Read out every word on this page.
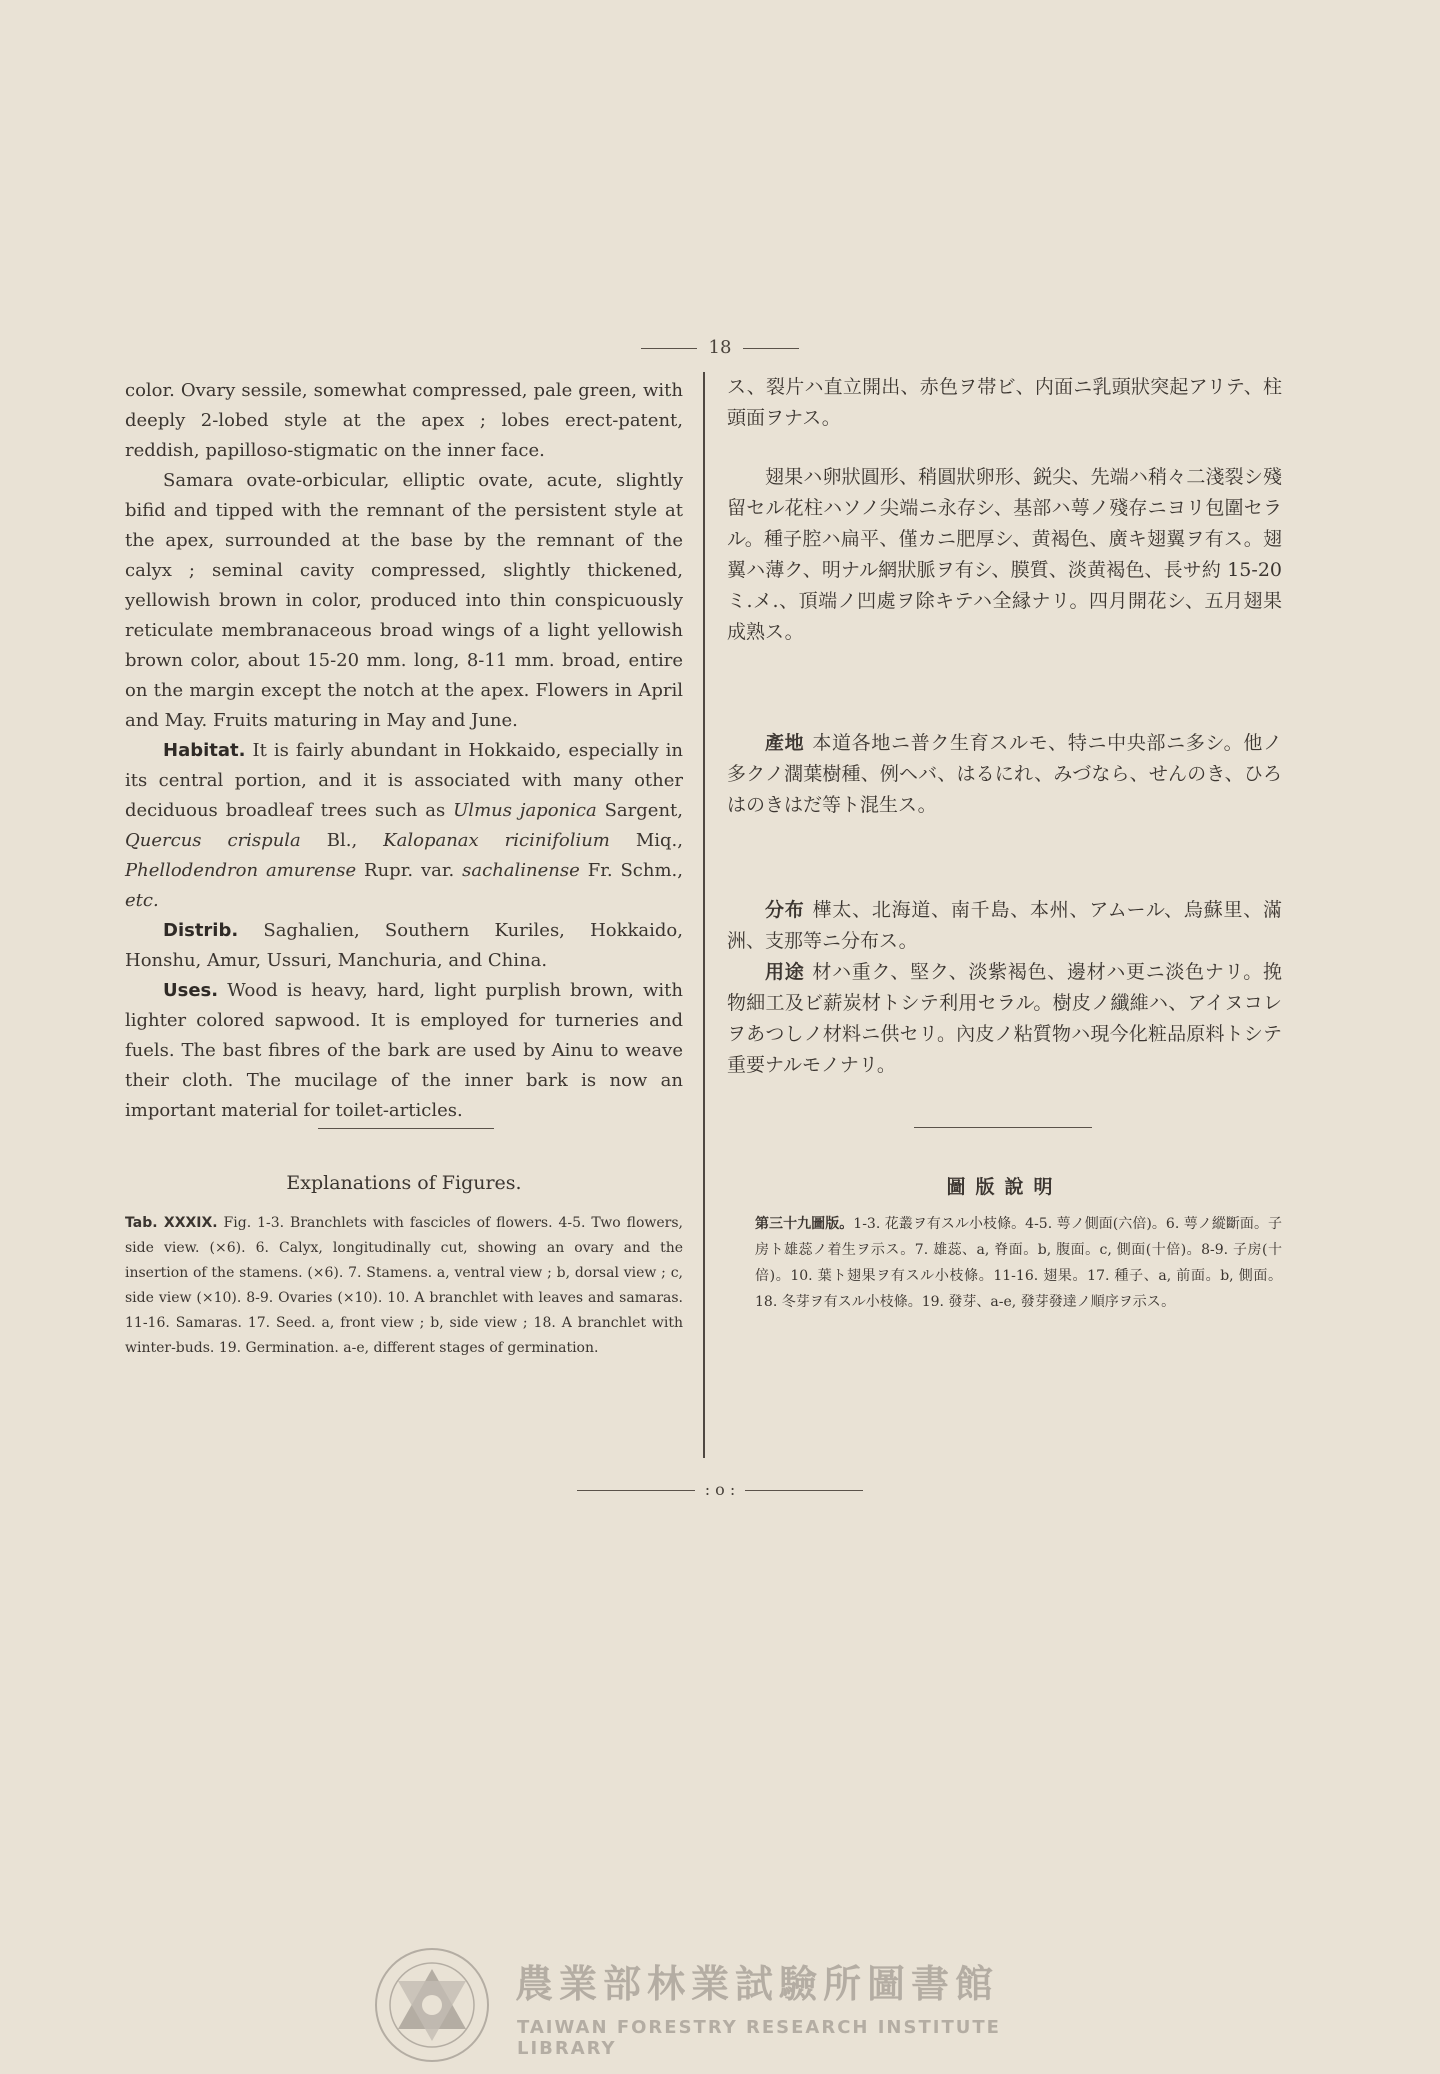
18

color. Ovary sessile, somewhat compressed, pale green, with deeply 2-lobed style at the apex ; lobes erect-patent, reddish, papilloso-stigmatic on the inner face.

Samara ovate-orbicular, elliptic ovate, acute, slightly bifid and tipped with the remnant of the persistent style at the apex, surrounded at the base by the remnant of the calyx ; seminal cavity compressed, slightly thickened, yellowish brown in color, produced into thin conspicuously reticulate membranaceous broad wings of a light yellowish brown color, about 15-20 mm. long, 8-11 mm. broad, entire on the margin except the notch at the apex. Flowers in April and May. Fruits maturing in May and June.

Habitat. It is fairly abundant in Hokkaido, especially in its central portion, and it is associated with many other deciduous broadleaf trees such as Ulmus japonica Sargent, Quercus crispula Bl., Kalopanax ricinifolium Miq., Phellodendron amurense Rupr. var. sachalinense Fr. Schm., etc.

Distrib. Saghalien, Southern Kuriles, Hokkaido, Honshu, Amur, Ussuri, Manchuria, and China.

Uses. Wood is heavy, hard, light purplish brown, with lighter colored sapwood. It is employed for turneries and fuels. The bast fibres of the bark are used by Ainu to weave their cloth. The mucilage of the inner bark is now an important material for toilet-articles.

ス、裂片ハ直立開出、赤色ヲ帯ビ、内面ニ乳頭狀突起アリテ、柱頭面ヲナス。

翅果ハ卵狀圓形、稍圓狀卵形、鋭尖、先端ハ稍々二淺裂シ殘留セル花柱ハソノ尖端ニ永存シ、基部ハ萼ノ殘存ニヨリ包圍セラル。種子腔ハ扁平、僅カニ肥厚シ、黄褐色、廣キ翅翼ヲ有ス。翅翼ハ薄ク、明ナル網狀脈ヲ有シ、膜質、淡黄褐色、長サ約 15-20 ミ.メ.、頂端ノ凹處ヲ除キテハ全縁ナリ。四月開花シ、五月翅果成熟ス。

產地 本道各地ニ普ク生育スルモ、特ニ中央部ニ多シ。他ノ多クノ濶葉樹種、例ヘバ、はるにれ、みづなら、せんのき、ひろはのきはだ等ト混生ス。

分布 樺太、北海道、南千島、本州、アムール、烏蘇里、滿洲、支那等ニ分布ス。

用途 材ハ重ク、堅ク、淡紫褐色、邊材ハ更ニ淡色ナリ。挽物細工及ビ薪炭材トシテ利用セラル。樹皮ノ纖維ハ、アイヌコレヲあつしノ材料ニ供セリ。內皮ノ粘質物ハ現今化粧品原料トシテ重要ナルモノナリ。

Explanations of Figures.	圖版說明
Tab. XXXIX. Fig. 1-3. Branchlets with fascicles of flowers. 4-5. Two flowers, side view. (×6). 6. Calyx, longitudinally cut, showing an ovary and the insertion of the stamens. (×6). 7. Stamens. a, ventral view ; b, dorsal view ; c, side view (×10). 8-9. Ovaries (×10). 10. A branchlet with leaves and samaras. 11-16. Samaras. 17. Seed. a, front view ; b, side view ; 18. A branchlet with winter-buds. 19. Germination. a-e, different stages of germination.
第三十九圖版。1-3. 花叢ヲ有スル小枝條。4-5. 萼ノ側面(六倍)。6. 萼ノ縱斷面。子房ト雄蕊ノ着生ヲ示ス。7. 雄蕊、a, 脊面。b, 腹面。c, 側面(十倍)。8-9. 子房(十倍)。10. 葉ト翅果ヲ有スル小枝條。11-16. 翅果。17. 種子、a, 前面。b, 側面。18. 冬芽ヲ有スル小枝條。19. 發芽、a-e, 發芽發達ノ順序ヲ示ス。
: o :
農業部林業試驗所圖書館
TAIWAN FORESTRY RESEARCH INSTITUTE LIBRARY
